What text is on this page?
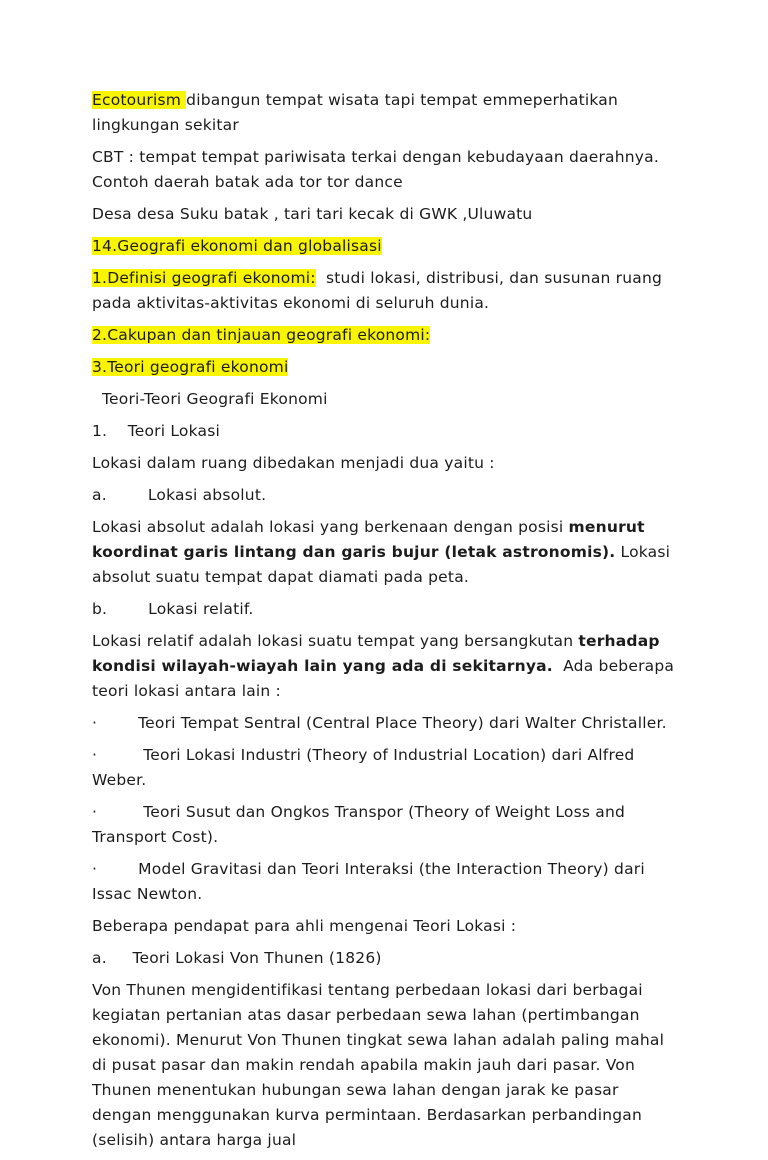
Ecotourism dibangun tempat wisata tapi tempat emmeperhatikan lingkungan sekitar

CBT : tempat tempat pariwisata terkai dengan kebudayaan daerahnya. Contoh daerah batak ada tor tor dance

Desa desa Suku batak , tari tari kecak di GWK ,Uluwatu

14.Geografi ekonomi dan globalisasi

1.Definisi geografi ekonomi:  studi lokasi, distribusi, dan susunan ruang pada aktivitas-aktivitas ekonomi di seluruh dunia.

2.Cakupan dan tinjauan geografi ekonomi:

3.Teori geografi ekonomi

Teori-Teori Geografi Ekonomi

1.    Teori Lokasi

Lokasi dalam ruang dibedakan menjadi dua yaitu :

a.        Lokasi absolut.

Lokasi absolut adalah lokasi yang berkenaan dengan posisi menurut koordinat garis lintang dan garis bujur (letak astronomis). Lokasi absolut suatu tempat dapat diamati pada peta.

b.        Lokasi relatif.

Lokasi relatif adalah lokasi suatu tempat yang bersangkutan terhadap kondisi wilayah-wiayah lain yang ada di sekitarnya.  Ada beberapa teori lokasi antara lain :

·        Teori Tempat Sentral (Central Place Theory) dari Walter Christaller.

·         Teori Lokasi Industri (Theory of Industrial Location) dari Alfred Weber.

·         Teori Susut dan Ongkos Transpor (Theory of Weight Loss and Transport Cost).

·        Model Gravitasi dan Teori Interaksi (the Interaction Theory) dari Issac Newton.

Beberapa pendapat para ahli mengenai Teori Lokasi :

a.     Teori Lokasi Von Thunen (1826)

Von Thunen mengidentifikasi tentang perbedaan lokasi dari berbagai kegiatan pertanian atas dasar perbedaan sewa lahan (pertimbangan ekonomi). Menurut Von Thunen tingkat sewa lahan adalah paling mahal di pusat pasar dan makin rendah apabila makin jauh dari pasar. Von Thunen menentukan hubungan sewa lahan dengan jarak ke pasar dengan menggunakan kurva permintaan. Berdasarkan perbandingan (selisih) antara harga jual
